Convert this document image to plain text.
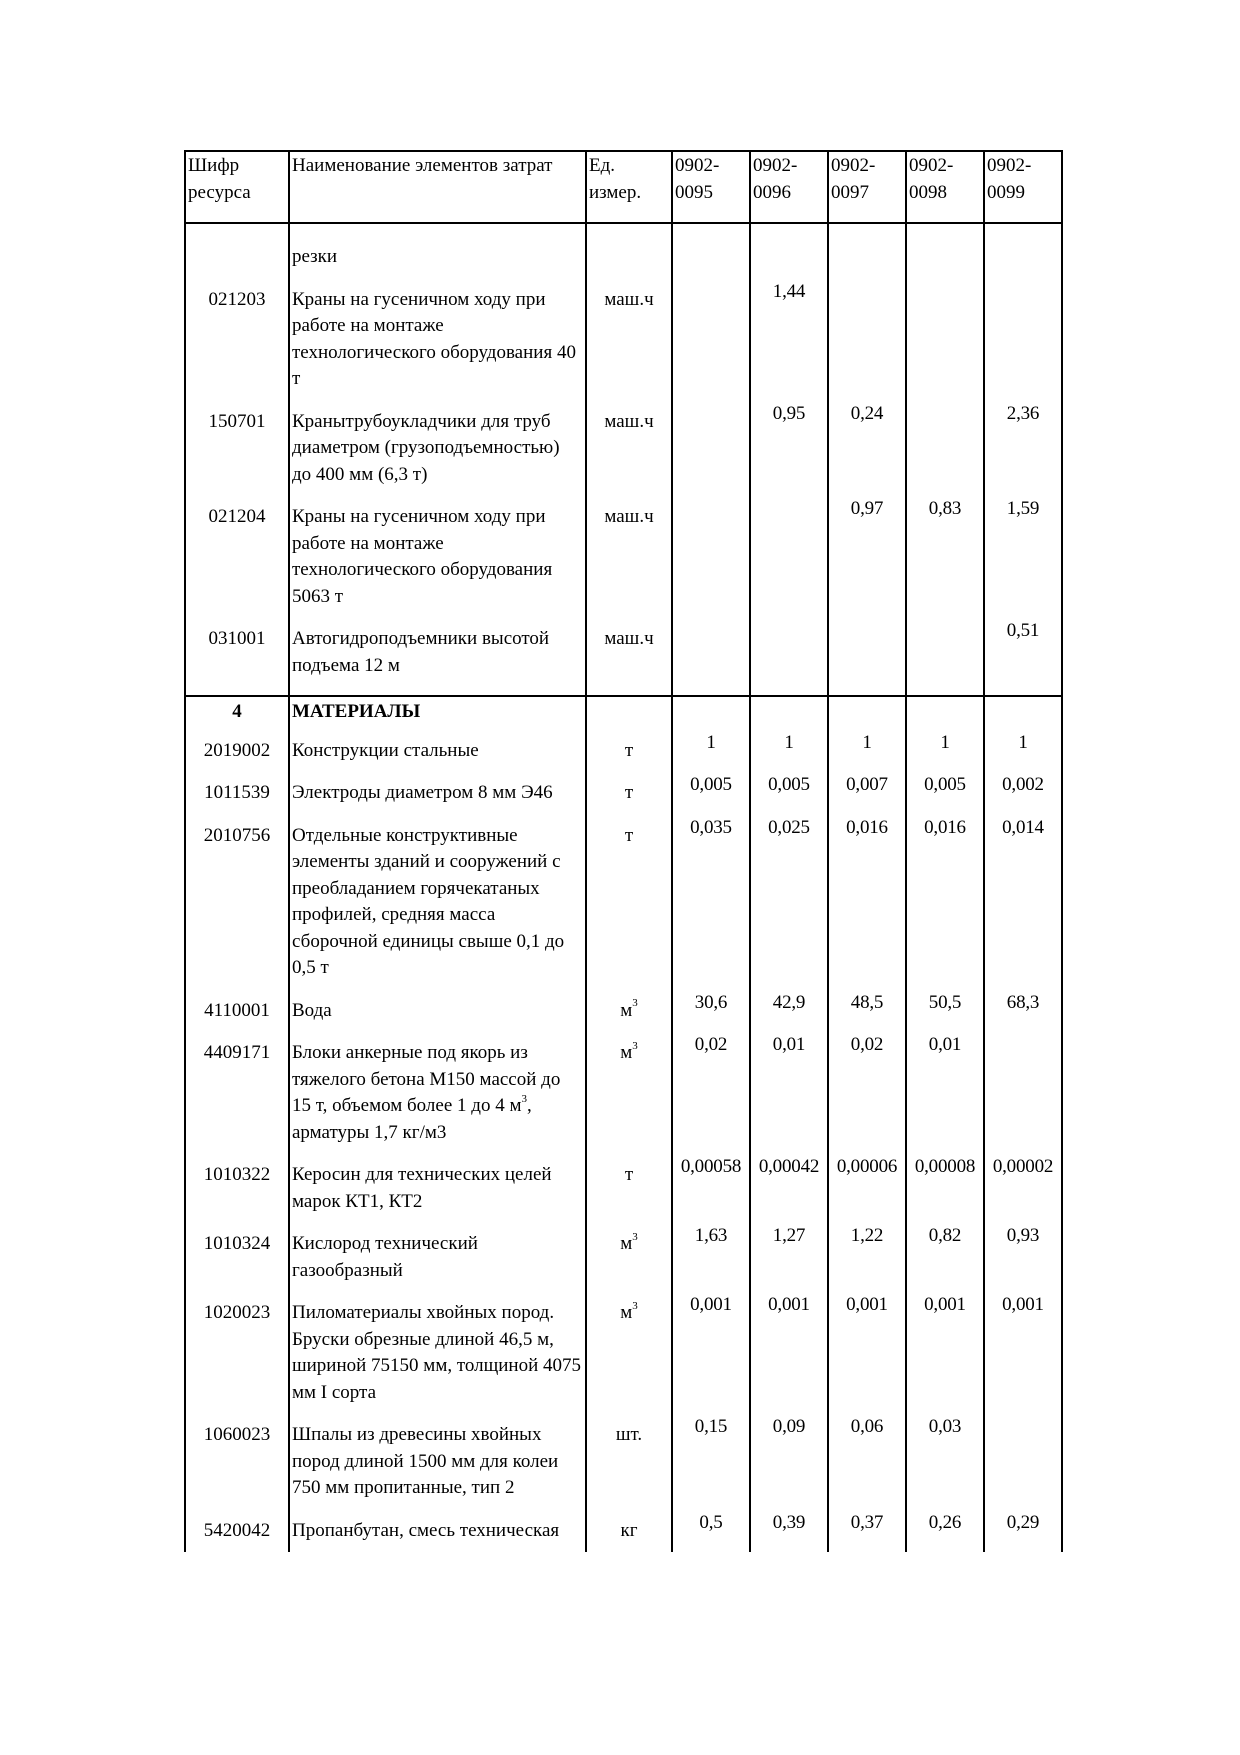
Шифр ресурса	Наименование элементов затрат	Ед. измер.	0902-0095	0902-0096	0902-0097	0902-0098	0902-0099
	резки						
021203	Краны на гусеничном ходу при работе на монтаже технологического оборудования 40 т	маш.ч		1,44			
150701	Кранытрубоукладчики для труб диаметром (грузоподъемностью) до 400 мм (6,3 т)	маш.ч		0,95	0,24		2,36
021204	Краны на гусеничном ходу при работе на монтаже технологического оборудования 5063 т	маш.ч			0,97	0,83	1,59
031001	Автогидроподъемники высотой подъема 12 м	маш.ч					0,51
4	МАТЕРИАЛЫ						
2019002	Конструкции стальные	т	1	1	1	1	1
1011539	Электроды диаметром 8 мм Э46	т	0,005	0,005	0,007	0,005	0,002
2010756	Отдельные конструктивные элементы зданий и сооружений с преобладанием горячекатаных профилей, средняя масса сборочной единицы свыше 0,1 до 0,5 т	т	0,035	0,025	0,016	0,016	0,014
4110001	Вода	$м^3$	30,6	42,9	48,5	50,5	68,3
4409171	Блоки анкерные под якорь из тяжелого бетона М150 массой до 15 т, объемом более 1 до 4 $м^3$, арматуры 1,7 кг/м3	$м^3$	0,02	0,01	0,02	0,01	
1010322	Керосин для технических целей марок КТ1, КТ2	т	0,00058	0,00042	0,00006	0,00008	0,00002
1010324	Кислород технический газообразный	$м^3$	1,63	1,27	1,22	0,82	0,93
1020023	Пиломатериалы хвойных пород. Бруски обрезные длиной 46,5 м, шириной 75150 мм, толщиной 4075 мм I сорта	$м^3$	0,001	0,001	0,001	0,001	0,001
1060023	Шпалы из древесины хвойных пород длиной 1500 мм для колеи 750 мм пропитанные, тип 2	шт.	0,15	0,09	0,06	0,03	
5420042	Пропанбутан, смесь техническая	кг	0,5	0,39	0,37	0,26	0,29
